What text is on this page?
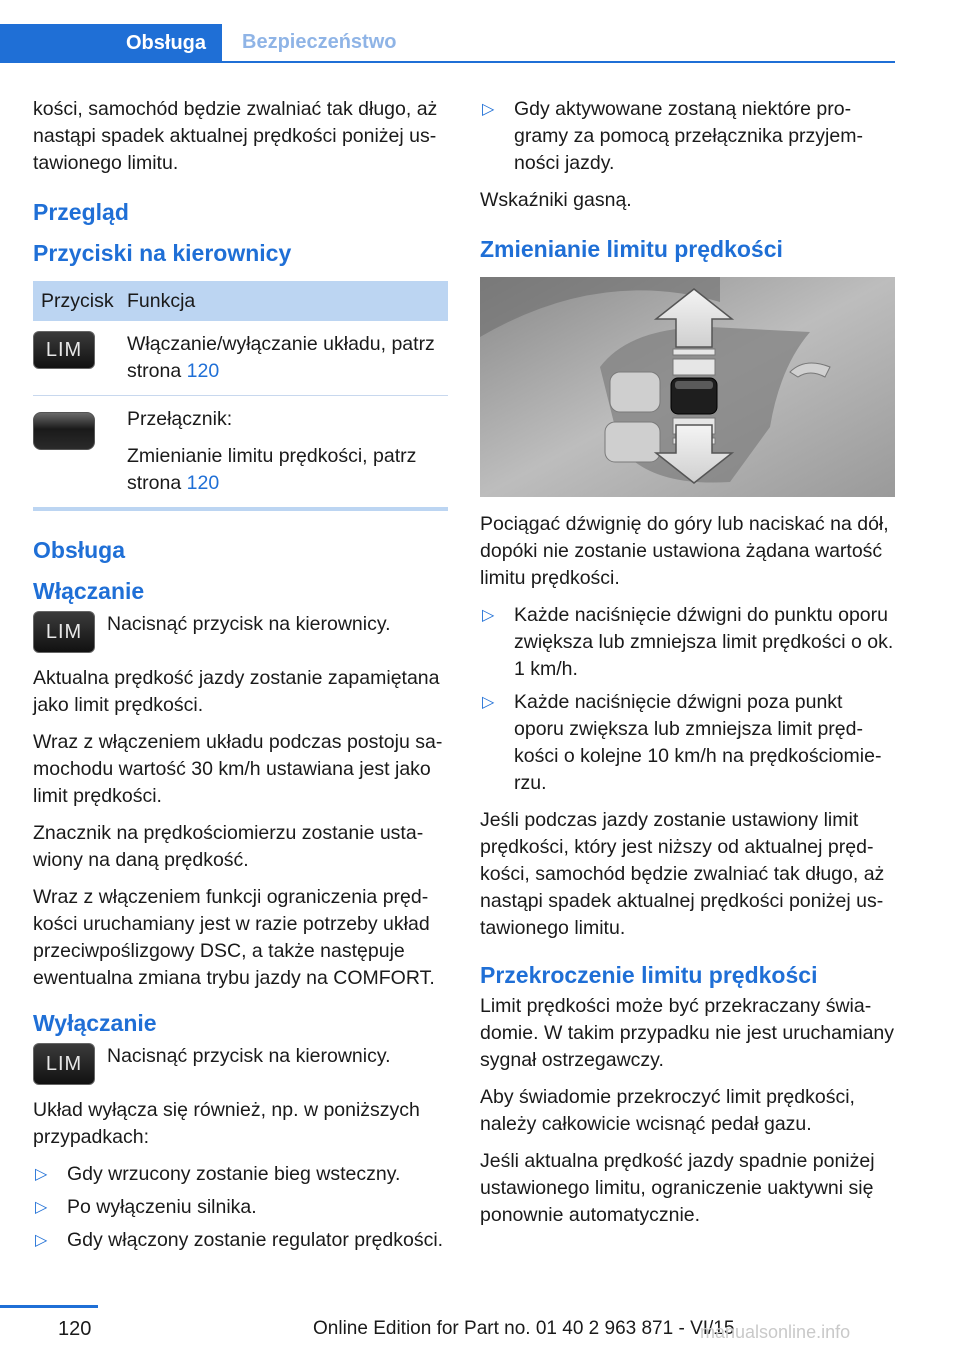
Obsługa Bezpieczeństwo

kości, samochód będzie zwalniać tak długo, aż nastąpi spadek aktualnej prędkości poniżej ustawionego limitu.

Przegląd
Przyciski na kierownicy
Przycisk	Funkcja

LIM	Włączanie/wyłączanie układu, patrz strona 120

	Przełącznik:
Zmienianie limitu prędkości, patrz strona 120
Obsługa
Włączanie
LIM Nacisnąć przycisk na kierownicy.

Aktualna prędkość jazdy zostanie zapamiętana jako limit prędkości.

Wraz z włączeniem układu podczas postoju samochodu wartość 30 km/h ustawiana jest jako limit prędkości.

Znacznik na prędkościomierzu zostanie ustawiony na daną prędkość.

Wraz z włączeniem funkcji ograniczenia prędkości uruchamiany jest w razie potrzeby układ przeciwpoślizgowy DSC, a także następuje ewentualna zmiana trybu jazdy na COMFORT.

Wyłączanie
LIM Nacisnąć przycisk na kierownicy.

Układ wyłącza się również, np. w poniższych przypadkach:

▷ Gdy wrzucony zostanie bieg wsteczny.
▷ Po wyłączeniu silnika.
▷ Gdy włączony zostanie regulator prędkości.
▷ Gdy aktywowane zostaną niektóre programy za pomocą przełącznika przyjemności jazdy.

Wskaźniki gasną.

Zmienianie limitu prędkości

Pociągać dźwignię do góry lub naciskać na dół, dopóki nie zostanie ustawiona żądana wartość limitu prędkości.

▷ Każde naciśnięcie dźwigni do punktu oporu zwiększa lub zmniejsza limit prędkości o ok. 1 km/h.
▷ Każde naciśnięcie dźwigni poza punkt oporu zwiększa lub zmniejsza limit prędkości o kolejne 10 km/h na prędkościomierzu.

Jeśli podczas jazdy zostanie ustawiony limit prędkości, który jest niższy od aktualnej prędkości, samochód będzie zwalniać tak długo, aż nastąpi spadek aktualnej prędkości poniżej ustawionego limitu.

Przekroczenie limitu prędkości

Limit prędkości może być przekraczany świadomie. W takim przypadku nie jest uruchamiany sygnał ostrzegawczy.

Aby świadomie przekroczyć limit prędkości, należy całkowicie wcisnąć pedał gazu.

Jeśli aktualna prędkość jazdy spadnie poniżej ustawionego limitu, ograniczenie uaktywni się ponownie automatycznie.

120	Online Edition for Part no. 01 40 2 963 871 - VI/15
manualsonline.info
